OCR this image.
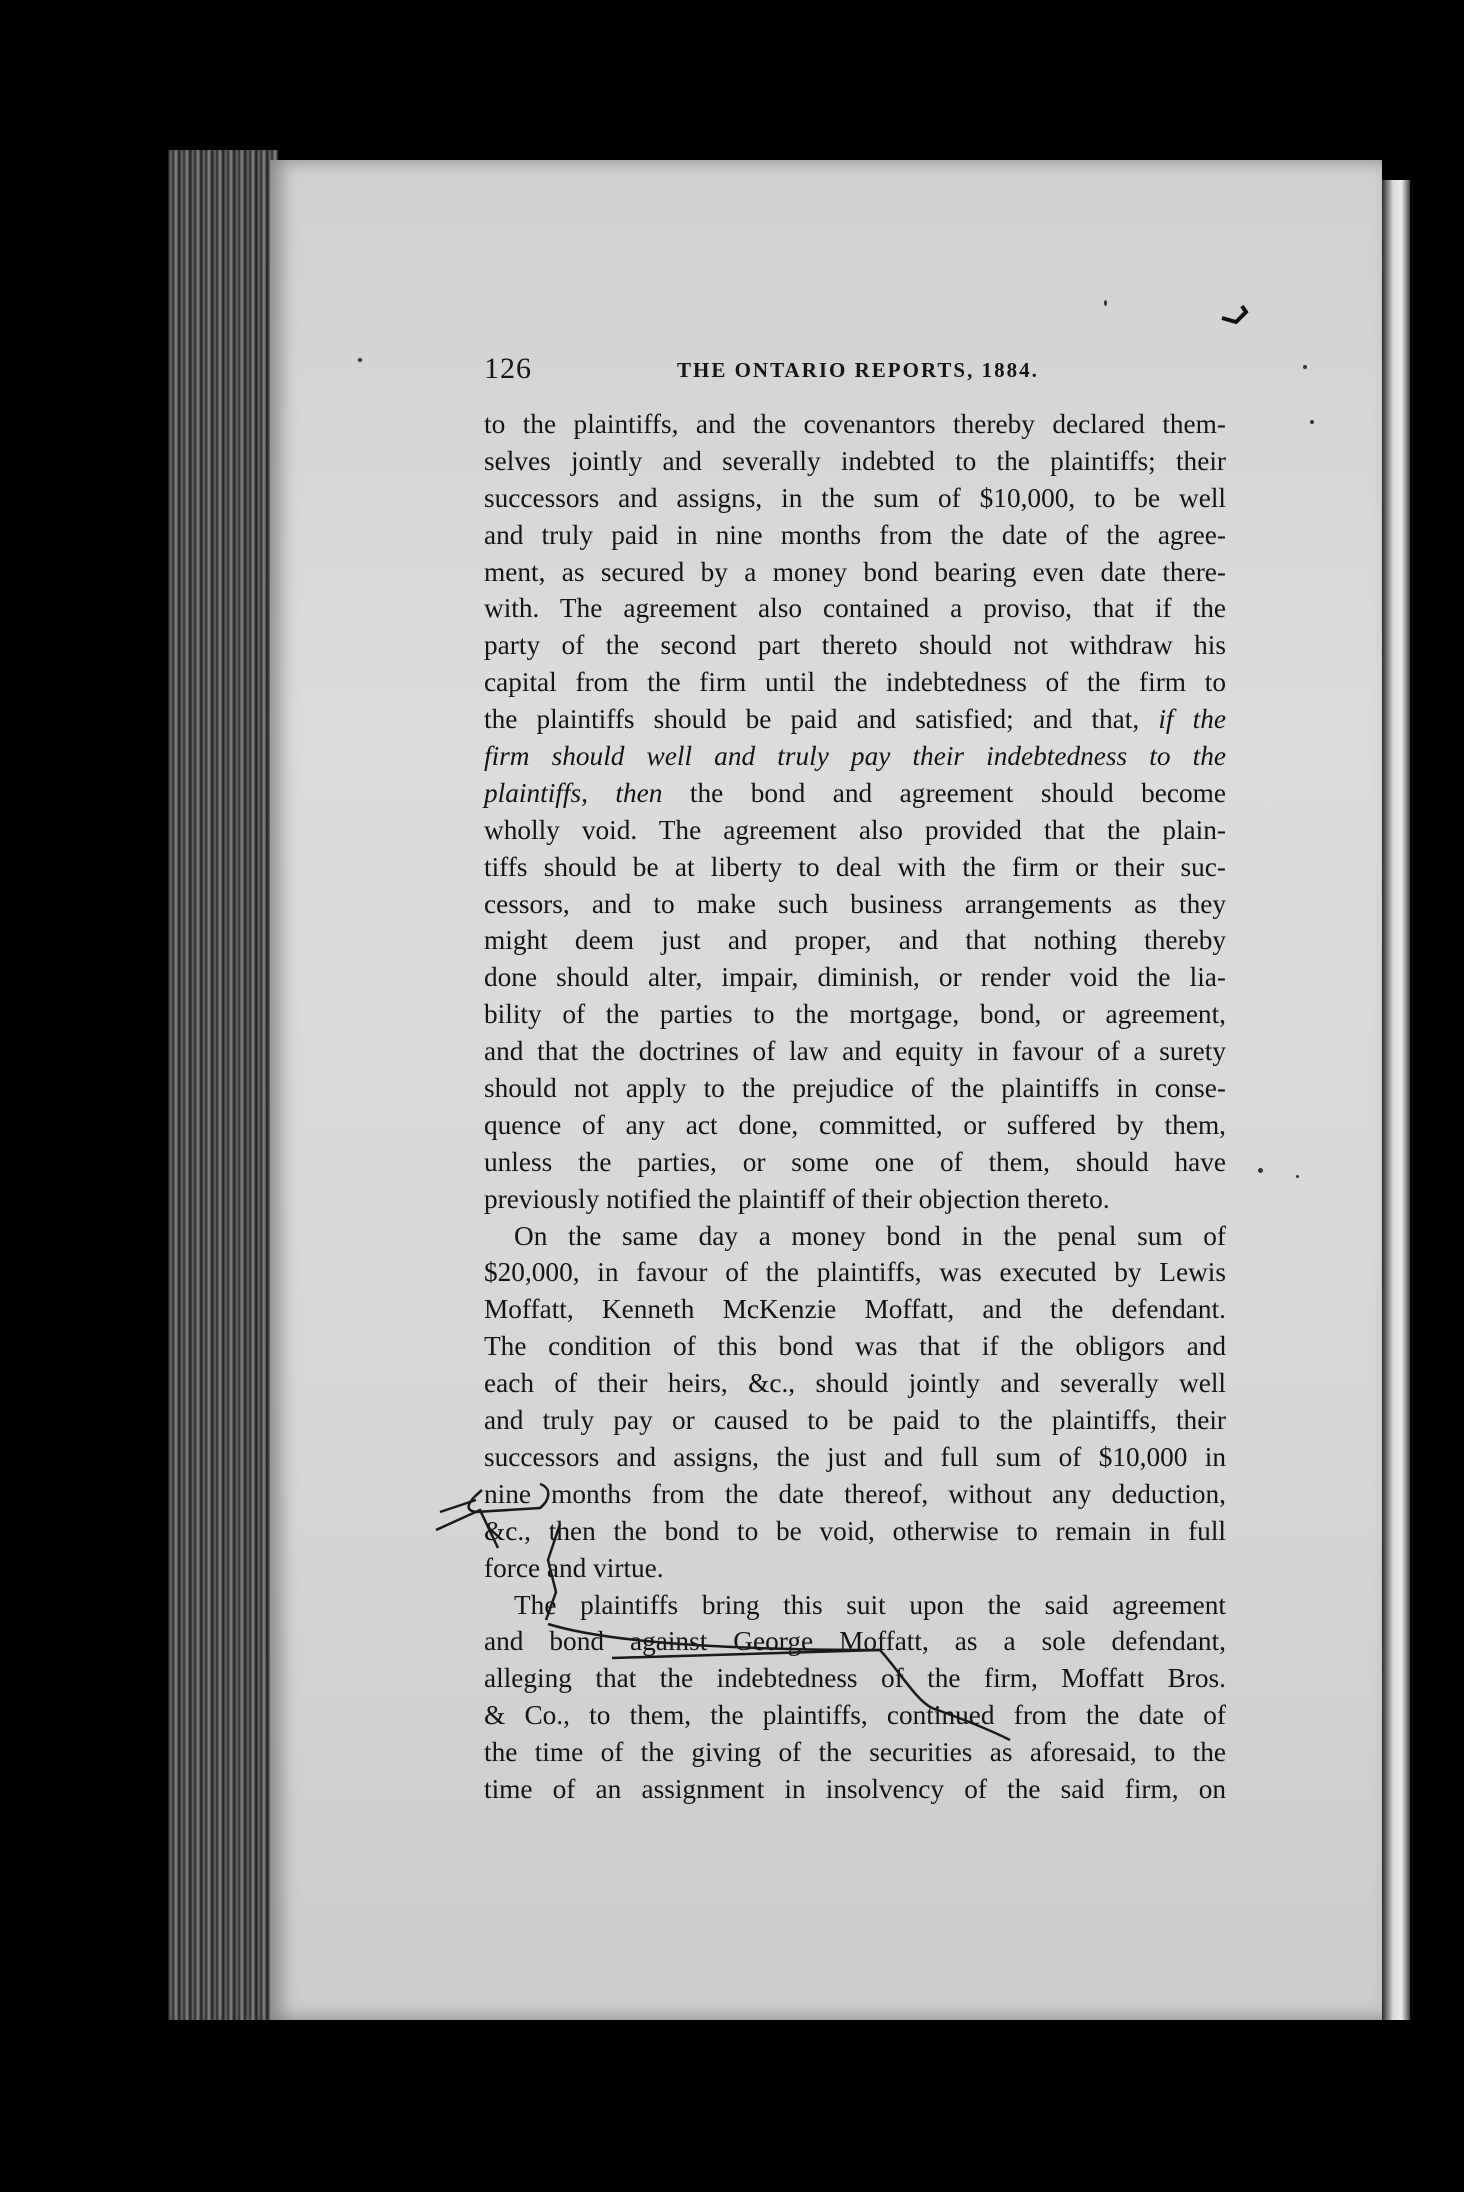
126	THE ONTARIO REPORTS, 1884.
to the plaintiffs, and the covenantors thereby declared them-
selves jointly and severally indebted to the plaintiffs; their
successors and assigns, in the sum of $10,000, to be well
and truly paid in nine months from the date of the agree-
ment, as secured by a money bond bearing even date there-
with. The agreement also contained a proviso, that if the
party of the second part thereto should not withdraw his
capital from the firm until the indebtedness of the firm to
the plaintiffs should be paid and satisfied; and that, if the
firm should well and truly pay their indebtedness to the
plaintiffs, then the bond and agreement should become
wholly void. The agreement also provided that the plain-
tiffs should be at liberty to deal with the firm or their suc-
cessors, and to make such business arrangements as they
might deem just and proper, and that nothing thereby
done should alter, impair, diminish, or render void the lia-
bility of the parties to the mortgage, bond, or agreement,
and that the doctrines of law and equity in favour of a surety
should not apply to the prejudice of the plaintiffs in conse-
quence of any act done, committed, or suffered by them,
unless the parties, or some one of them, should have
previously notified the plaintiff of their objection thereto.
On the same day a money bond in the penal sum of
$20,000, in favour of the plaintiffs, was executed by Lewis
Moffatt, Kenneth McKenzie Moffatt, and the defendant.
The condition of this bond was that if the obligors and
each of their heirs, &c., should jointly and severally well
and truly pay or caused to be paid to the plaintiffs, their
successors and assigns, the just and full sum of $10,000 in
nine months from the date thereof, without any deduction,
&c., then the bond to be void, otherwise to remain in full
force and virtue.
The plaintiffs bring this suit upon the said agreement
and bond against George Moffatt, as a sole defendant,
alleging that the indebtedness of the firm, Moffatt Bros.
& Co., to them, the plaintiffs, continued from the date of
the time of the giving of the securities as aforesaid, to the
time of an assignment in insolvency of the said firm, on
